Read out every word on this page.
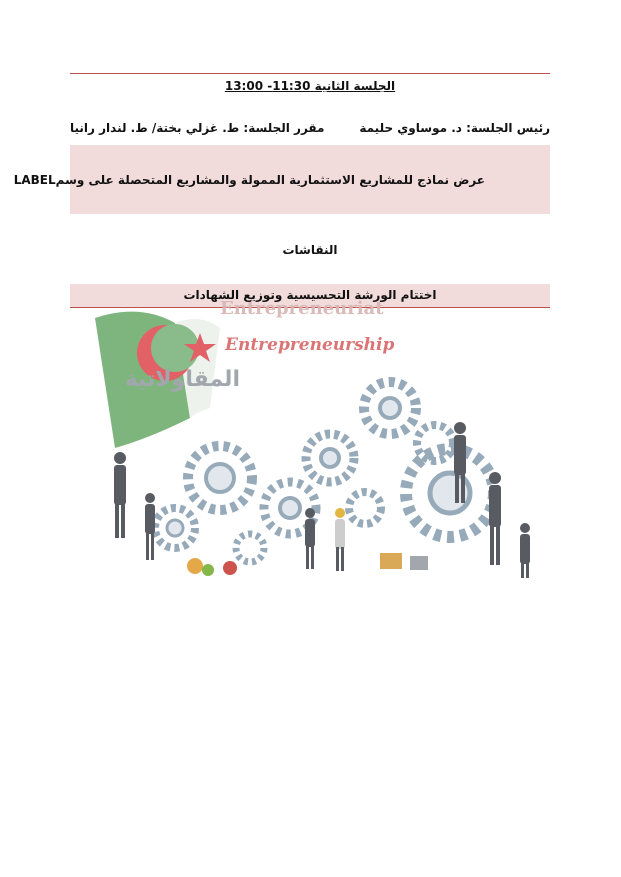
الجلسة الثانية 11:30- 13:00
رئيس الجلسة: د. موساوي حليمة
مقرر الجلسة: ط. غزلي بختة/ ط. لندار رانيا
عرض نماذج للمشاريع الاستثمارية الممولة والمشاريع المتحصلة على وسمLABEL
النقاشات
اختتام الورشة التحسيسية وتوزيع الشهادات
Entrepreneuriat
Entrepreneurship
المقاولاتية
